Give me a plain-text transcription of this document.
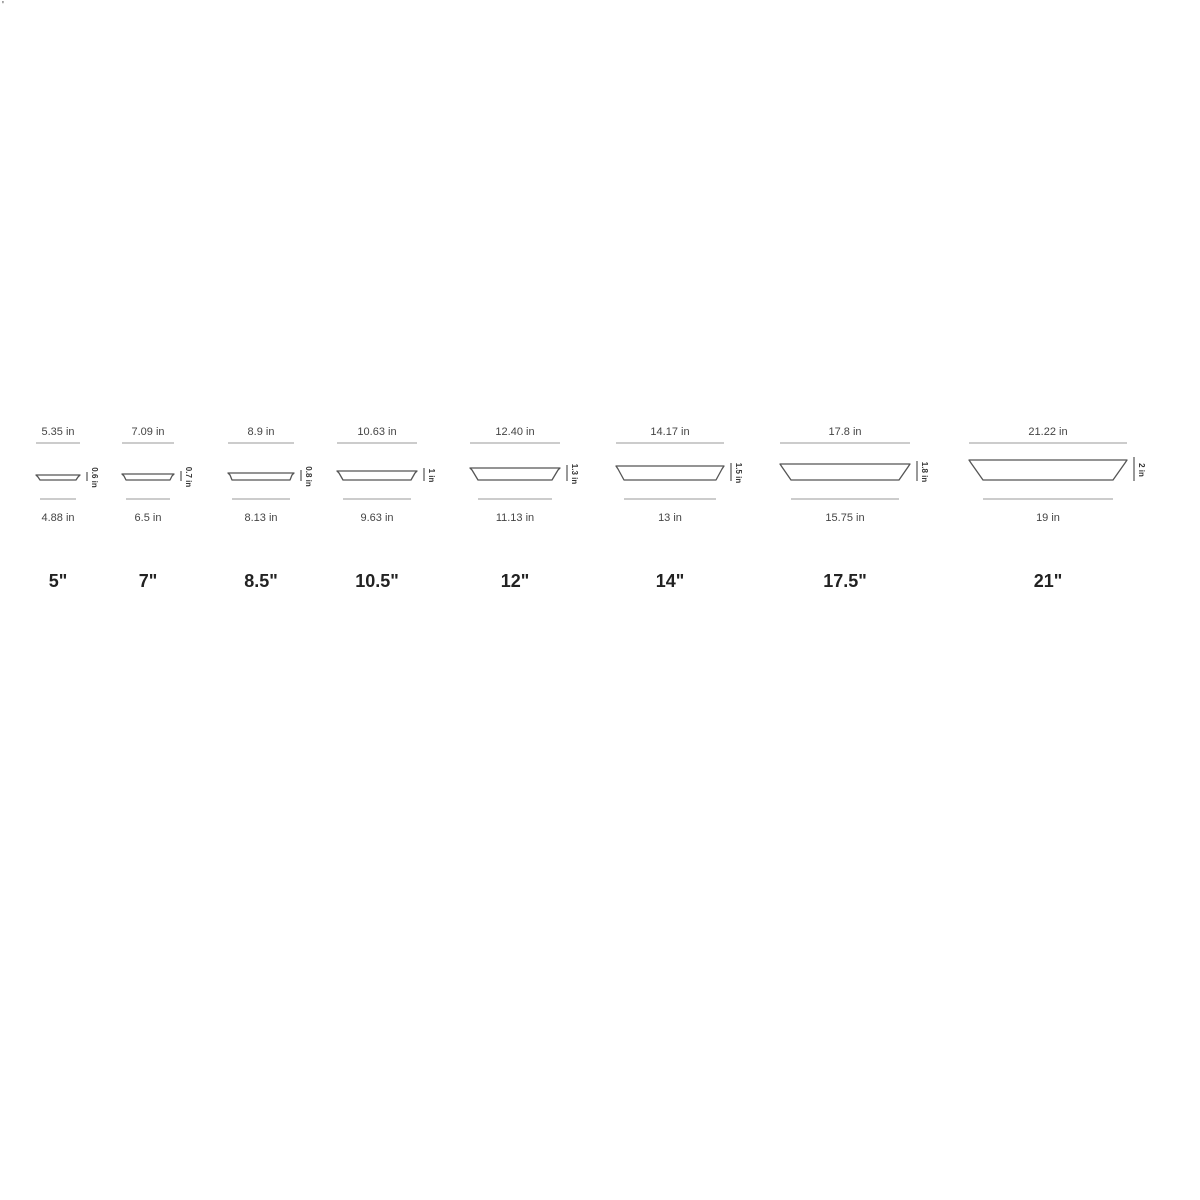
'
5.35 in
0.6 in
4.88 in
5"
7.09 in
0.7 in
6.5 in
7"
8.9 in
0.8 in
8.13 in
8.5"
10.63 in
1 in
9.63 in
10.5"
12.40 in
1.3 in
11.13 in
12"
14.17 in
1.5 in
13 in
14"
17.8 in
1.8 in
15.75 in
17.5"
21.22 in
2 in
19 in
21"
